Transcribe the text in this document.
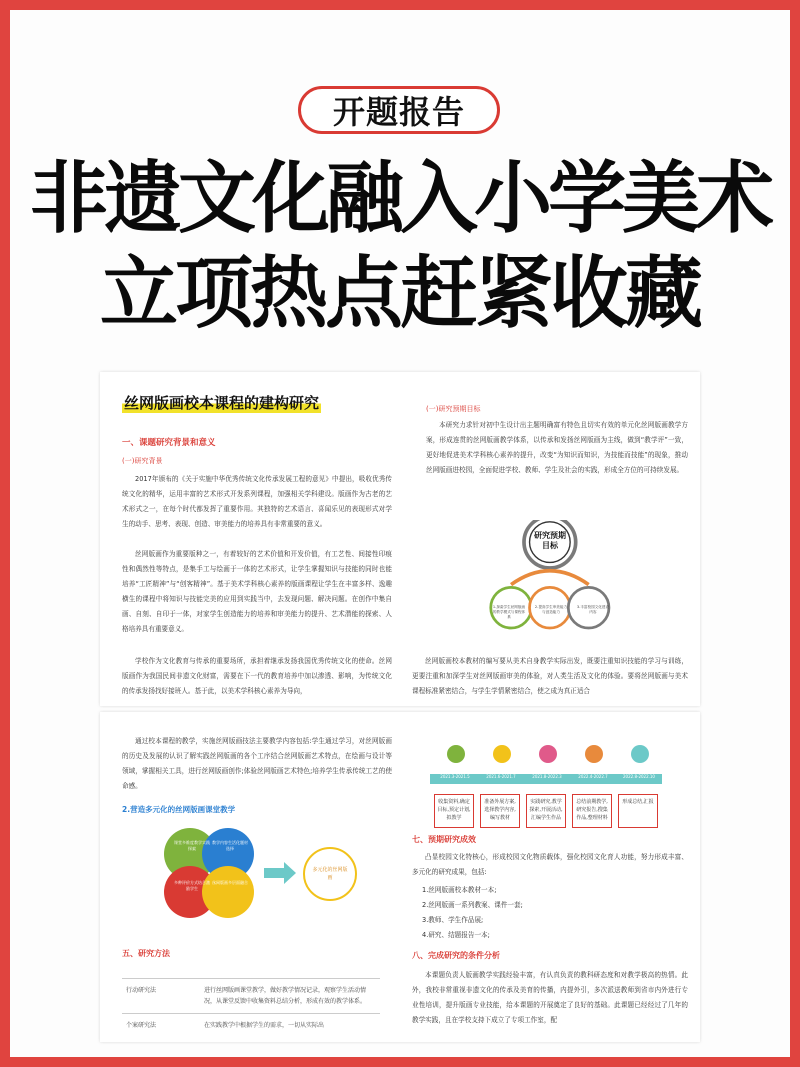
开题报告
非遗文化融入小学美术
立项热点赶紧收藏
丝网版画校本课程的建构研究
一、课题研究背景和意义
(一)研究背景
2017年颁布的《关于实施中华优秀传统文化传承发展工程的意见》中提出，吸收优秀传统文化的精华，运用丰富的艺术形式开发系列课程，加强相关学科建设。版画作为古老的艺术形式之一，在每个时代都发挥了重要作用。其独特的艺术语言、喜闻乐见的表现形式对学生的动手、思考、表现、创造、审美能力的培养具有非常重要的意义。
丝网版画作为重要版种之一，有着较好的艺术价值和开发价值，有工艺性、间接性印痕性和偶然性等特点，是集手工与绘画于一体的艺术形式，让学生掌握知识与技能的同时也能培养“工匠精神”与“创客精神”。基于美术学科核心素养的版画课程让学生在丰富多样、逸趣横生的课程中将知识与技能完美的应用到实践当中，去发现问题、解决问题。在创作中集自画、自刻、自印于一体，对家学生创造能力的培养和审美能力的提升、艺术潜能的探索、人格培养具有重要意义。
学校作为文化教育与传承的重要场所，承担着继承发扬我国优秀传统文化的使命。丝网版画作为我国民间非遗文化财富，需要在下一代的教育培养中加以渗透、影响，为传统文化的传承发扬找好接班人。基于此，以美术学科核心素养为导向，
(一)研究预期目标
本研究力求针对初中生设计出主题明确富有特色且切实有效的单元化丝网版画教学方案，形成连贯的丝网版画教学体系，以传承和发扬丝网版画为主线，做到“教学评”一致，更好地促进美术学科核心素养的提升，改变“为知识而知识，为技能而技能”的现象，推动丝网版画进校园，全面促进学校、教师、学生及社会的实践，形成全方位的可持续发展。
研究预期
目标
1.探索学生丝网版画的教学模式与课程体系
2.提高学生审美能力与创造能力
3.丰富校园文化建设内容
丝网版画校本教材的编写要从美术自身教学实际出发，既要注重知识技能的学习与训练，更要注重和加深学生对丝网版画审美的体验，对人类生活及文化的体验。要将丝网版画与美术课程标准紧密结合，与学生学情紧密结合，使之成为真正适合
通过校本课程的教学，实施丝网版画技法主要教学内容包括:学生通过学习，对丝网版画的历史及发展的认识了解实践丝网版画的各个工序结合丝网版画艺术特点，在绘画与设计等领域，掌握相关工具，进行丝网版画创作;体验丝网版画艺术特色;培养学生传承传统工艺的使命感。
2.营造多元化的丝网版画课堂教学
课堂多维度教学实践探索
教学内容生活化题材选择
多种评价方式结合激励学生
丝网版画多层面融合
多元化的丝网版画
五、研究方法
行动研究法	进行丝网版画课堂教学，做好教学情况记录，观察学生活动情况，从课堂反馈中收集资料总结分析，形成有效的教学体系。
个案研究法	在实践教学中根据学生的需求，一切从实际出
2021.3-2021.5	2021.6-2021.7	2021.8-2022.3	2022.4-2022.7	2022.8-2022.10
收集资料,确定目标,预定计划,拟教学
准备外展方案,选择教学内容,编写教材
实践研究,教学探索,开展活动,汇编学生作品
总结前期教学,研究报告,搜集作品,整理材料
形成总结,汇报
七、预期研究成效
凸显校园文化特核心，形成校园文化物质载体，强化校园文化育人功能，努力形成丰富、多元化的研究成果，包括:
1.丝网版画校本教材一本;
2.丝网版画一系列教案、课件一套;
3.教师、学生作品展;
4.研究、结题报告一本;
八、完成研究的条件分析
本课题负责人版画教学实践经验丰富，有认真负责的教科研态度和对教学极高的热情。此外，我校非常重视非遗文化的传承及美育的传播，内提外引，多次派送教师到省市内外进行专业性培训，提升版画专业技能，给本课题的开展奠定了良好的基础。此课题已经经过了几年的教学实践，且在学校支持下成立了专项工作室，配
